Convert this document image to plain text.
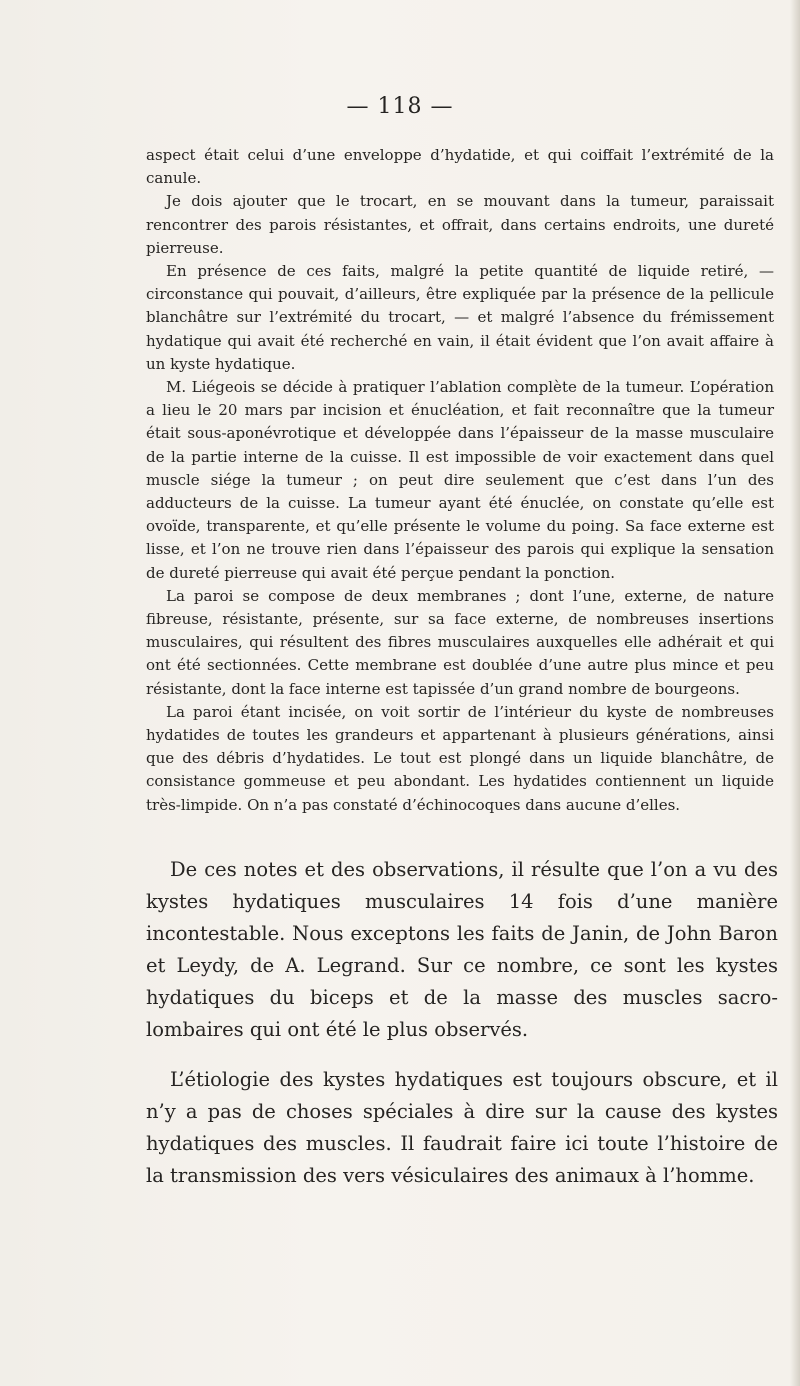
— 118 —

aspect était celui d’une enveloppe d’hydatide, et qui coiffait l’extrémité de la canule.

Je dois ajouter que le trocart, en se mouvant dans la tumeur, paraissait rencontrer des parois résistantes, et offrait, dans certains endroits, une dureté pierreuse.

En présence de ces faits, malgré la petite quantité de liquide retiré, — circonstance qui pouvait, d’ailleurs, être expliquée par la présence de la pellicule blanchâtre sur l’extrémité du trocart, — et malgré l’absence du frémissement hydatique qui avait été recherché en vain, il était évident que l’on avait affaire à un kyste hydatique.

M. Liégeois se décide à pratiquer l’ablation complète de la tumeur. L’opération a lieu le 20 mars par incision et énucléation, et fait reconnaître que la tumeur était sous-aponévrotique et développée dans l’épaisseur de la masse musculaire de la partie interne de la cuisse. Il est impossible de voir exactement dans quel muscle siége la tumeur ; on peut dire seulement que c’est dans l’un des adducteurs de la cuisse. La tumeur ayant été énuclée, on constate qu’elle est ovoïde, transparente, et qu’elle présente le volume du poing. Sa face externe est lisse, et l’on ne trouve rien dans l’épaisseur des parois qui explique la sensation de dureté pierreuse qui avait été perçue pendant la ponction.

La paroi se compose de deux membranes ; dont l’une, externe, de nature fibreuse, résistante, présente, sur sa face externe, de nombreuses insertions musculaires, qui résultent des fibres musculaires auxquelles elle adhérait et qui ont été sectionnées. Cette membrane est doublée d’une autre plus mince et peu résistante, dont la face interne est tapissée d’un grand nombre de bourgeons.

La paroi étant incisée, on voit sortir de l’intérieur du kyste de nombreuses hydatides de toutes les grandeurs et appartenant à plusieurs générations, ainsi que des débris d’hydatides. Le tout est plongé dans un liquide blanchâtre, de consistance gommeuse et peu abondant. Les hydatides contiennent un liquide très-limpide. On n’a pas constaté d’échinocoques dans aucune d’elles.

De ces notes et des observations, il résulte que l’on a vu des kystes hydatiques musculaires 14 fois d’une manière incontestable. Nous exceptons les faits de Janin, de John Baron et Leydy, de A. Legrand. Sur ce nombre, ce sont les kystes hydatiques du biceps et de la masse des muscles sacro-lombaires qui ont été le plus observés.

L’étiologie des kystes hydatiques est toujours obscure, et il n’y a pas de choses spéciales à dire sur la cause des kystes hydatiques des muscles. Il faudrait faire ici toute l’histoire de la transmission des vers vésiculaires des animaux à l’homme.
